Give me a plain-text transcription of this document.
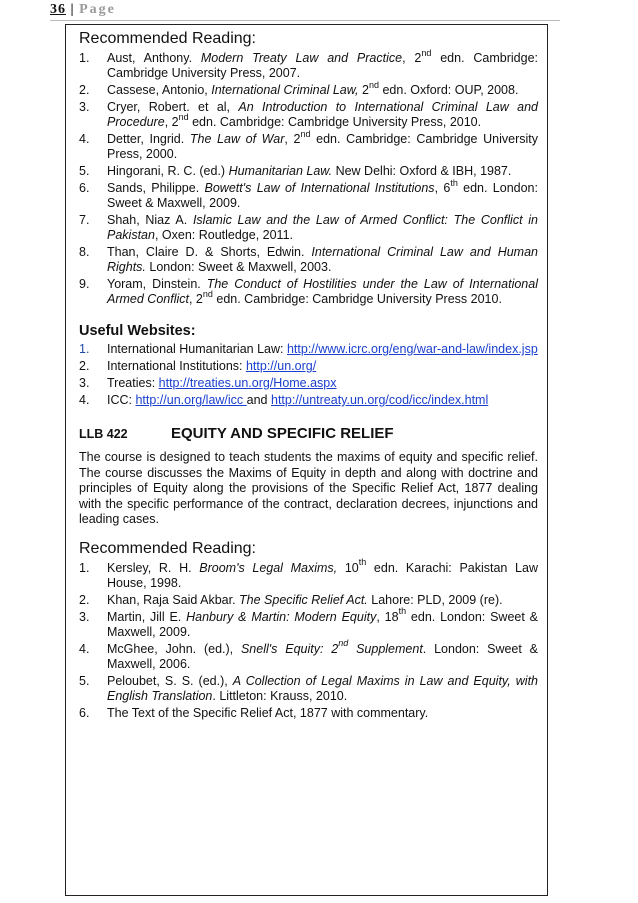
36 | Page
Recommended Reading:
1. Aust, Anthony. Modern Treaty Law and Practice, 2nd edn. Cambridge: Cambridge University Press, 2007.
2. Cassese, Antonio, International Criminal Law, 2nd edn. Oxford: OUP, 2008.
3. Cryer, Robert. et al, An Introduction to International Criminal Law and Procedure, 2nd edn. Cambridge: Cambridge University Press, 2010.
4. Detter, Ingrid. The Law of War, 2nd edn. Cambridge: Cambridge University Press, 2000.
5. Hingorani, R. C. (ed.) Humanitarian Law. New Delhi: Oxford & IBH, 1987.
6. Sands, Philippe. Bowett's Law of International Institutions, 6th edn. London: Sweet & Maxwell, 2009.
7. Shah, Niaz A. Islamic Law and the Law of Armed Conflict: The Conflict in Pakistan, Oxen: Routledge, 2011.
8. Than, Claire D. & Shorts, Edwin. International Criminal Law and Human Rights. London: Sweet & Maxwell, 2003.
9. Yoram, Dinstein. The Conduct of Hostilities under the Law of International Armed Conflict, 2nd edn. Cambridge: Cambridge University Press 2010.
Useful Websites:
1. International Humanitarian Law: http://www.icrc.org/eng/war-and-law/index.jsp
2. International Institutions: http://un.org/
3. Treaties: http://treaties.un.org/Home.aspx
4. ICC: http://un.org/law/icc and http://untreaty.un.org/cod/icc/index.html
LLB 422	EQUITY AND SPECIFIC RELIEF
The course is designed to teach students the maxims of equity and specific relief. The course discusses the Maxims of Equity in depth and along with doctrine and principles of Equity along the provisions of the Specific Relief Act, 1877 dealing with the specific performance of the contract, declaration decrees, injunctions and leading cases.
Recommended Reading:
1. Kersley, R. H. Broom's Legal Maxims, 10th edn. Karachi: Pakistan Law House, 1998.
2. Khan, Raja Said Akbar. The Specific Relief Act. Lahore: PLD, 2009 (re).
3. Martin, Jill E. Hanbury & Martin: Modern Equity, 18th edn. London: Sweet & Maxwell, 2009.
4. McGhee, John. (ed.), Snell's Equity: 2nd Supplement. London: Sweet & Maxwell, 2006.
5. Peloubet, S. S. (ed.), A Collection of Legal Maxims in Law and Equity, with English Translation. Littleton: Krauss, 2010.
6. The Text of the Specific Relief Act, 1877 with commentary.
